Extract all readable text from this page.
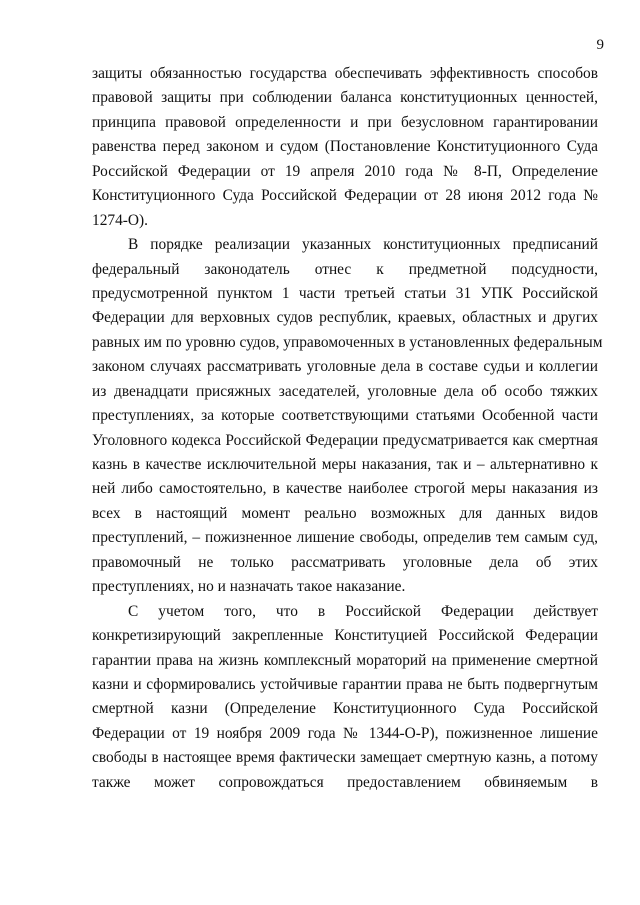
9
защиты обязанностью государства обеспечивать эффективность способов
правовой защиты при соблюдении баланса конституционных ценностей,
принципа правовой определенности и при безусловном гарантировании
равенства перед законом и судом (Постановление Конституционного Суда
Российской Федерации от 19 апреля 2010 года № 8-П, Определение
Конституционного Суда Российской Федерации от 28 июня 2012 года №
1274-О).
В порядке реализации указанных конституционных предписаний
федеральный законодатель отнес к предметной подсудности,
предусмотренной пунктом 1 части третьей статьи 31 УПК Российской
Федерации для верховных судов республик, краевых, областных и других
равных им по уровню судов, управомоченных в установленных федеральным
законом случаях рассматривать уголовные дела в составе судьи и коллегии
из двенадцати присяжных заседателей, уголовные дела об особо тяжких
преступлениях, за которые соответствующими статьями Особенной части
Уголовного кодекса Российской Федерации предусматривается как смертная
казнь в качестве исключительной меры наказания, так и – альтернативно к
ней либо самостоятельно, в качестве наиболее строгой меры наказания из
всех в настоящий момент реально возможных для данных видов
преступлений, – пожизненное лишение свободы, определив тем самым суд,
правомочный не только рассматривать уголовные дела об этих
преступлениях, но и назначать такое наказание.
С учетом того, что в Российской Федерации действует
конкретизирующий закрепленные Конституцией Российской Федерации
гарантии права на жизнь комплексный мораторий на применение смертной
казни и сформировались устойчивые гарантии права не быть подвергнутым
смертной казни (Определение Конституционного Суда Российской
Федерации от 19 ноября 2009 года № 1344-О-Р), пожизненное лишение
свободы в настоящее время фактически замещает смертную казнь, а потому
также может сопровождаться предоставлением обвиняемым в
